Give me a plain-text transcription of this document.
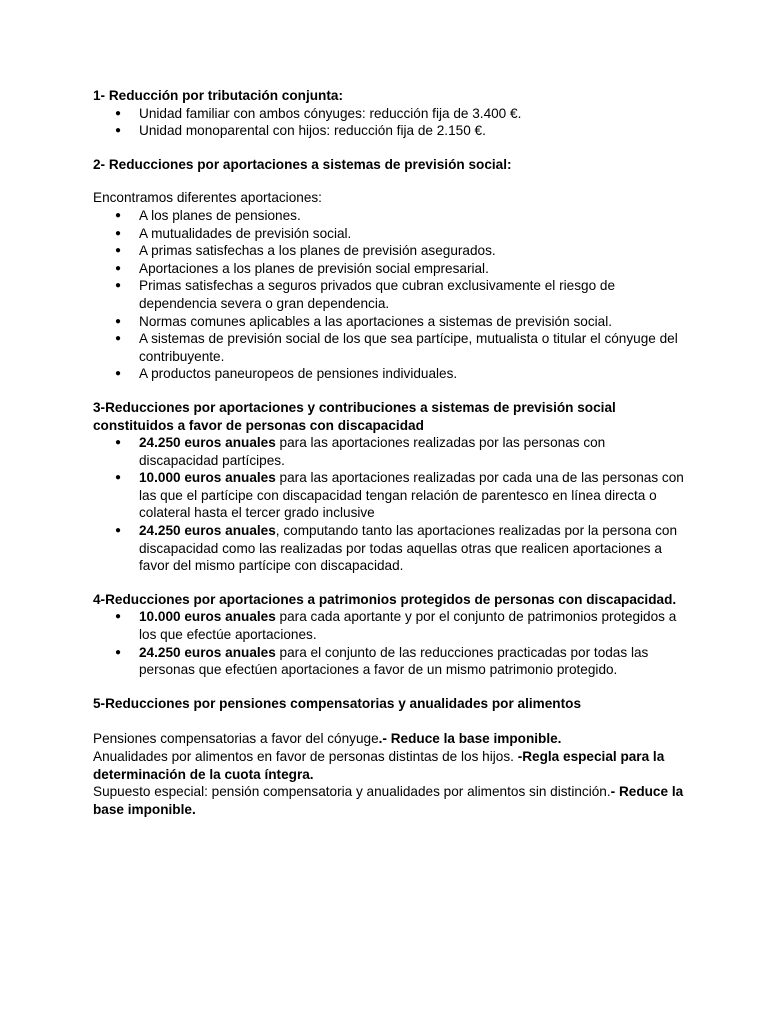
1- Reducción por tributación conjunta:

● Unidad familiar con ambos cónyuges: reducción fija de 3.400 €.
● Unidad monoparental con hijos: reducción fija de 2.150 €.

2- Reducciones por aportaciones a sistemas de previsión social:

Encontramos diferentes aportaciones:

● A los planes de pensiones.
● A mutualidades de previsión social.
● A primas satisfechas a los planes de previsión asegurados.
● Aportaciones a los planes de previsión social empresarial.
● Primas satisfechas a seguros privados que cubran exclusivamente el riesgo de dependencia severa o gran dependencia.
● Normas comunes aplicables a las aportaciones a sistemas de previsión social.
● A sistemas de previsión social de los que sea partícipe, mutualista o titular el cónyuge del contribuyente.
● A productos paneuropeos de pensiones individuales.

3-Reducciones por aportaciones y contribuciones a sistemas de previsión social constituidos a favor de personas con discapacidad

● 24.250 euros anuales para las aportaciones realizadas por las personas con discapacidad partícipes.
● 10.000 euros anuales para las aportaciones realizadas por cada una de las personas con las que el partícipe con discapacidad tengan relación de parentesco en línea directa o colateral hasta el tercer grado inclusive
● 24.250 euros anuales, computando tanto las aportaciones realizadas por la persona con discapacidad como las realizadas por todas aquellas otras que realicen aportaciones a favor del mismo partícipe con discapacidad.

4-Reducciones por aportaciones a patrimonios protegidos de personas con discapacidad.

● 10.000 euros anuales para cada aportante y por el conjunto de patrimonios protegidos a los que efectúe aportaciones.
● 24.250 euros anuales para el conjunto de las reducciones practicadas por todas las personas que efectúen aportaciones a favor de un mismo patrimonio protegido.

5-Reducciones por pensiones compensatorias y anualidades por alimentos

Pensiones compensatorias a favor del cónyuge.- Reduce la base imponible.

Anualidades por alimentos en favor de personas distintas de los hijos. -Regla especial para la determinación de la cuota íntegra.

Supuesto especial: pensión compensatoria y anualidades por alimentos sin distinción.- Reduce la base imponible.
